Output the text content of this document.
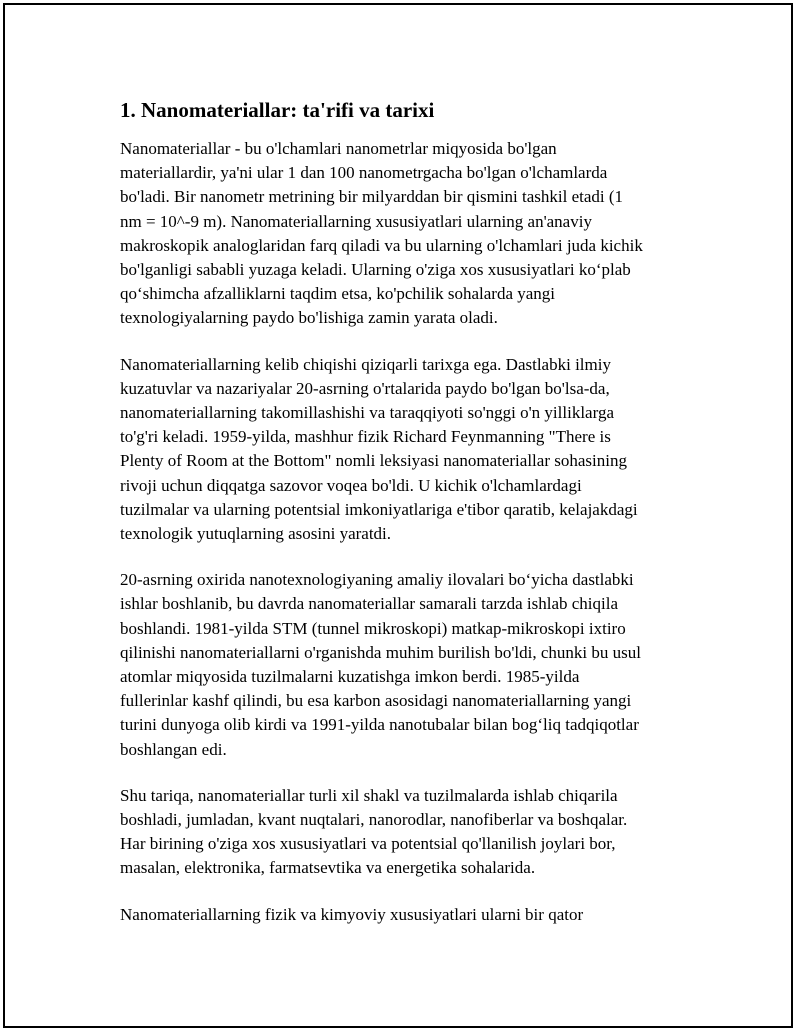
1. Nanomateriallar: ta'rifi va tarixi

Nanomateriallar - bu o'lchamlari nanometrlar miqyosida bo'lgan
materiallardir, ya'ni ular 1 dan 100 nanometrgacha bo'lgan o'lchamlarda
bo'ladi. Bir nanometr metrining bir milyarddan bir qismini tashkil etadi (1
nm = 10^-9 m). Nanomateriallarning xususiyatlari ularning an'anaviy
makroskopik analoglaridan farq qiladi va bu ularning o'lchamlari juda kichik
bo'lganligi sababli yuzaga keladi. Ularning o'ziga xos xususiyatlari ko‘plab
qo‘shimcha afzalliklarni taqdim etsa, ko'pchilik sohalarda yangi
texnologiyalarning paydo bo'lishiga zamin yarata oladi.

Nanomateriallarning kelib chiqishi qiziqarli tarixga ega. Dastlabki ilmiy
kuzatuvlar va nazariyalar 20-asrning o'rtalarida paydo bo'lgan bo'lsa-da,
nanomateriallarning takomillashishi va taraqqiyoti so'nggi o'n yilliklarga
to'g'ri keladi. 1959-yilda, mashhur fizik Richard Feynmanning "There is
Plenty of Room at the Bottom" nomli leksiyasi nanomateriallar sohasining
rivoji uchun diqqatga sazovor voqea bo'ldi. U kichik o'lchamlardagi
tuzilmalar va ularning potentsial imkoniyatlariga e'tibor qaratib, kelajakdagi
texnologik yutuqlarning asosini yaratdi.

20-asrning oxirida nanotexnologiyaning amaliy ilovalari bo‘yicha dastlabki
ishlar boshlanib, bu davrda nanomateriallar samarali tarzda ishlab chiqila
boshlandi. 1981-yilda STM (tunnel mikroskopi) matkap-mikroskopi ixtiro
qilinishi nanomateriallarni o'rganishda muhim burilish bo'ldi, chunki bu usul
atomlar miqyosida tuzilmalarni kuzatishga imkon berdi. 1985-yilda
fullerinlar kashf qilindi, bu esa karbon asosidagi nanomateriallarning yangi
turini dunyoga olib kirdi va 1991-yilda nanotubalar bilan bog‘liq tadqiqotlar
boshlangan edi.

Shu tariqa, nanomateriallar turli xil shakl va tuzilmalarda ishlab chiqarila
boshladi, jumladan, kvant nuqtalari, nanorodlar, nanofiberlar va boshqalar.
Har birining o'ziga xos xususiyatlari va potentsial qo'llanilish joylari bor,
masalan, elektronika, farmatsevtika va energetika sohalarida.

Nanomateriallarning fizik va kimyoviy xususiyatlari ularni bir qator
